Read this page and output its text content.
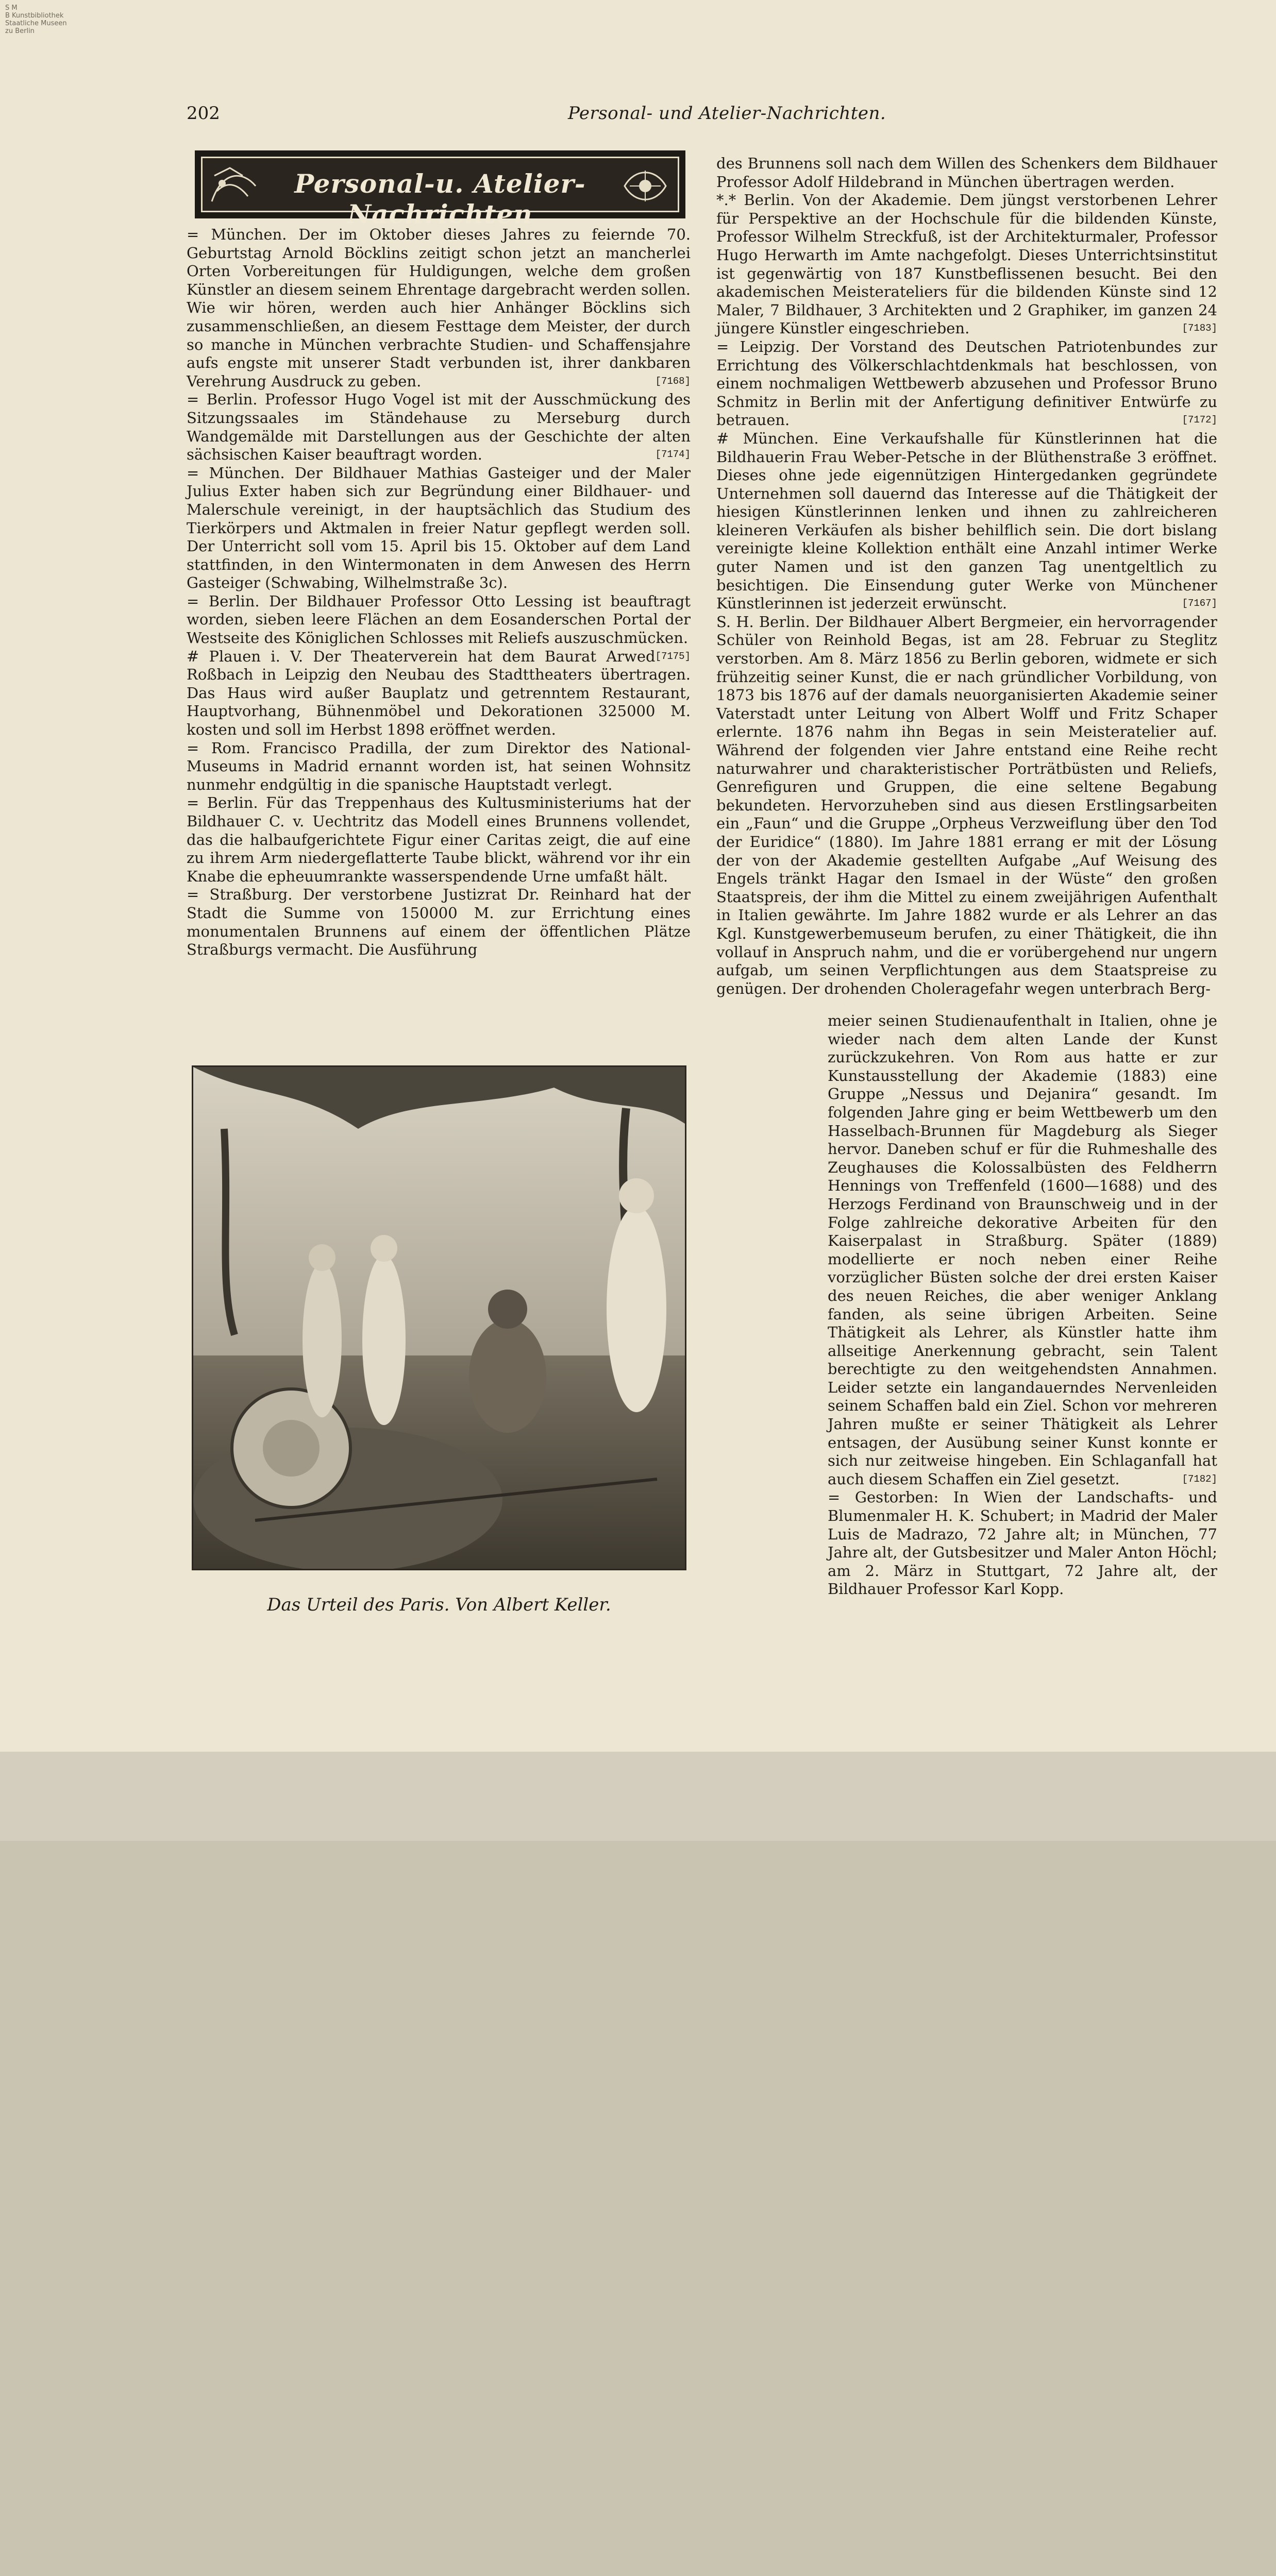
S M
B Kunstbibliothek
Staatliche Museen
zu Berlin
202	Personal- und Atelier-Nachrichten.
Personal-u. Atelier-Nachrichten

= München. Der im Oktober dieses Jahres zu feiernde 70. Geburtstag Arnold Böcklins zeitigt schon jetzt an mancherlei Orten Vorbereitungen für Huldigungen, welche dem großen Künstler an diesem seinem Ehrentage dargebracht werden sollen. Wie wir hören, werden auch hier Anhänger Böcklins sich zusammenschließen, an diesem Festtage dem Meister, der durch so manche in München verbrachte Studien- und Schaffensjahre aufs engste mit unserer Stadt verbunden ist, ihrer dankbaren Verehrung Ausdruck zu geben.	[7168]

= Berlin. Professor Hugo Vogel ist mit der Ausschmückung des Sitzungssaales im Ständehause zu Merseburg durch Wandgemälde mit Darstellungen aus der Geschichte der alten sächsischen Kaiser beauftragt worden.	[7174]

= München. Der Bildhauer Mathias Gasteiger und der Maler Julius Exter haben sich zur Begründung einer Bildhauer- und Malerschule vereinigt, in der hauptsächlich das Studium des Tierkörpers und Aktmalen in freier Natur gepflegt werden soll. Der Unterricht soll vom 15. April bis 15. Oktober auf dem Land stattfinden, in den Wintermonaten in dem Anwesen des Herrn Gasteiger (Schwabing, Wilhelmstraße 3c).

= Berlin. Der Bildhauer Professor Otto Lessing ist beauftragt worden, sieben leere Flächen an dem Eosanderschen Portal der Westseite des Königlichen Schlosses mit Reliefs auszuschmücken.
[7175]

# Plauen i. V. Der Theaterverein hat dem Baurat Arwed Roßbach in Leipzig den Neubau des Stadttheaters übertragen. Das Haus wird außer Bauplatz und getrenntem Restaurant, Hauptvorhang, Bühnenmöbel und Dekorationen 325000 M. kosten und soll im Herbst 1898 eröffnet werden.

= Rom. Francisco Pradilla, der zum Direktor des National-Museums in Madrid ernannt worden ist, hat seinen Wohnsitz nunmehr endgültig in die spanische Hauptstadt verlegt.

= Berlin. Für das Treppenhaus des Kultusministeriums hat der Bildhauer C. v. Uechtritz das Modell eines Brunnens vollendet, das die halbaufgerichtete Figur einer Caritas zeigt, die auf eine zu ihrem Arm niedergeflatterte Taube blickt, während vor ihr ein Knabe die epheuumrankte wasserspendende Urne umfaßt hält.

= Straßburg. Der verstorbene Justizrat Dr. Reinhard hat der Stadt die Summe von 150000 M. zur Errichtung eines monumentalen Brunnens auf einem der öffentlichen Plätze Straßburgs vermacht. Die Ausführung

des Brunnens soll nach dem Willen des Schenkers dem Bildhauer Professor Adolf Hildebrand in München übertragen werden.

*.* Berlin. Von der Akademie. Dem jüngst verstorbenen Lehrer für Perspektive an der Hochschule für die bildenden Künste, Professor Wilhelm Streckfuß, ist der Architekturmaler, Professor Hugo Herwarth im Amte nachgefolgt. Dieses Unterrichtsinstitut ist gegenwärtig von 187 Kunstbeflissenen besucht. Bei den akademischen Meisterateliers für die bildenden Künste sind 12 Maler, 7 Bildhauer, 3 Architekten und 2 Graphiker, im ganzen 24 jüngere Künstler eingeschrieben.	[7183]

= Leipzig. Der Vorstand des Deutschen Patriotenbundes zur Errichtung des Völkerschlachtdenkmals hat beschlossen, von einem nochmaligen Wettbewerb abzusehen und Professor Bruno Schmitz in Berlin mit der Anfertigung definitiver Entwürfe zu betrauen.	[7172]

# München. Eine Verkaufshalle für Künstlerinnen hat die Bildhauerin Frau Weber-Petsche in der Blüthenstraße 3 eröffnet. Dieses ohne jede eigennützigen Hintergedanken gegründete Unternehmen soll dauernd das Interesse auf die Thätigkeit der hiesigen Künstlerinnen lenken und ihnen zu zahlreicheren kleineren Verkäufen als bisher behilflich sein. Die dort bislang vereinigte kleine Kollektion enthält eine Anzahl intimer Werke guter Namen und ist den ganzen Tag unentgeltlich zu besichtigen. Die Einsendung guter Werke von Münchener Künstlerinnen ist jederzeit erwünscht.	[7167]

S. H. Berlin. Der Bildhauer Albert Bergmeier, ein hervorragender Schüler von Reinhold Begas, ist am 28. Februar zu Steglitz verstorben. Am 8. März 1856 zu Berlin geboren, widmete er sich frühzeitig seiner Kunst, die er nach gründlicher Vorbildung, von 1873 bis 1876 auf der damals neuorganisierten Akademie seiner Vaterstadt unter Leitung von Albert Wolff und Fritz Schaper erlernte. 1876 nahm ihn Begas in sein Meisteratelier auf. Während der folgenden vier Jahre entstand eine Reihe recht naturwahrer und charakteristischer Porträtbüsten und Reliefs, Genrefiguren und Gruppen, die eine seltene Begabung bekundeten. Hervorzuheben sind aus diesen Erstlingsarbeiten ein „Faun“ und die Gruppe „Orpheus Verzweiflung über den Tod der Euridice“ (1880). Im Jahre 1881 errang er mit der Lösung der von der Akademie gestellten Aufgabe „Auf Weisung des Engels tränkt Hagar den Ismael in der Wüste“ den großen Staatspreis, der ihm die Mittel zu einem zweijährigen Aufenthalt in Italien gewährte. Im Jahre 1882 wurde er als Lehrer an das Kgl. Kunstgewerbemuseum berufen, zu einer Thätigkeit, die ihn vollauf in Anspruch nahm, und die er vorübergehend nur ungern aufgab, um seinen Verpflichtungen aus dem Staatspreise zu genügen. Der drohenden Choleragefahr wegen unterbrach Berg-

meier seinen Studienaufenthalt in Italien, ohne je wieder nach dem alten Lande der Kunst zurückzukehren. Von Rom aus hatte er zur Kunstausstellung der Akademie (1883) eine Gruppe „Nessus und Dejanira“ gesandt. Im folgenden Jahre ging er beim Wettbewerb um den Hasselbach-Brunnen für Magdeburg als Sieger hervor. Daneben schuf er für die Ruhmeshalle des Zeughauses die Kolossalbüsten des Feldherrn Hennings von Treffenfeld (1600—1688) und des Herzogs Ferdinand von Braunschweig und in der Folge zahlreiche dekorative Arbeiten für den Kaiserpalast in Straßburg. Später (1889) modellierte er noch neben einer Reihe vorzüglicher Büsten solche der drei ersten Kaiser des neuen Reiches, die aber weniger Anklang fanden, als seine übrigen Arbeiten. Seine Thätigkeit als Lehrer, als Künstler hatte ihm allseitige Anerkennung gebracht, sein Talent berechtigte zu den weitgehendsten Annahmen. Leider setzte ein langandauerndes Nervenleiden seinem Schaffen bald ein Ziel. Schon vor mehreren Jahren mußte er seiner Thätigkeit als Lehrer entsagen, der Ausübung seiner Kunst konnte er sich nur zeitweise hingeben. Ein Schlaganfall hat auch diesem Schaffen ein Ziel gesetzt.	[7182]

= Gestorben: In Wien der Landschafts- und Blumenmaler H. K. Schubert; in Madrid der Maler Luis de Madrazo, 72 Jahre alt; in München, 77 Jahre alt, der Gutsbesitzer und Maler Anton Höchl; am 2. März in Stuttgart, 72 Jahre alt, der Bildhauer Professor Karl Kopp.

Das Urteil des Paris. Von Albert Keller.
